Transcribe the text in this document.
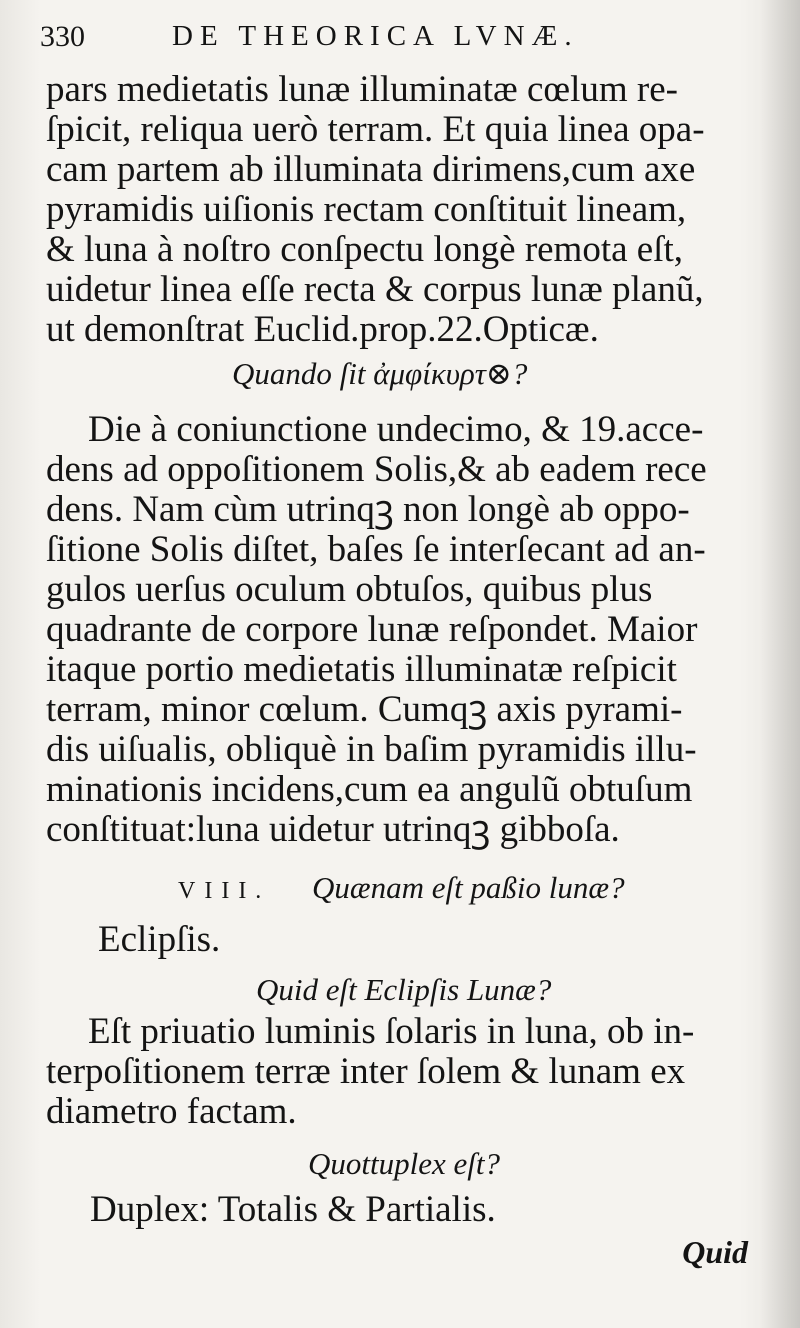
330	DE THEORICA LVNÆ.
pars medietatis lunæ illuminatæ cœlum re-
ſpicit, reliqua uerò terram. Et quia linea opa-
cam partem ab illuminata dirimens,cum axe
pyramidis uiſionis rectam conſtituit lineam,
& luna à noſtro conſpectu longè remota eſt,
uidetur linea eſſe recta & corpus lunæ planũ,
ut demonſtrat Euclid.prop.22.Opticæ.
Quando ſit ἀμφίκυρτ⊗?
Die à coniunctione undecimo, & 19.acce-
dens ad oppoſitionem Solis,& ab eadem rece
dens. Nam cùm utrinqꝫ non longè ab oppo-
ſitione Solis diſtet, baſes ſe interſecant ad an-
gulos uerſus oculum obtuſos, quibus plus
quadrante de corpore lunæ reſpondet. Maior
itaque portio medietatis illuminatæ reſpicit
terram, minor cœlum. Cumqꝫ axis pyrami-
dis uiſualis, obliquè in baſim pyramidis illu-
minationis incidens,cum ea angulũ obtuſum
conſtituat:luna uidetur utrinqꝫ gibboſa.
VIII. Quænam eſt paßio lunæ?
Eclipſis.
Quid eſt Eclipſis Lunæ?
Eſt priuatio luminis ſolaris in luna, ob in-
terpoſitionem terræ inter ſolem & lunam ex
diametro factam.
Quottuplex eſt?
Duplex: Totalis & Partialis.
Quid
